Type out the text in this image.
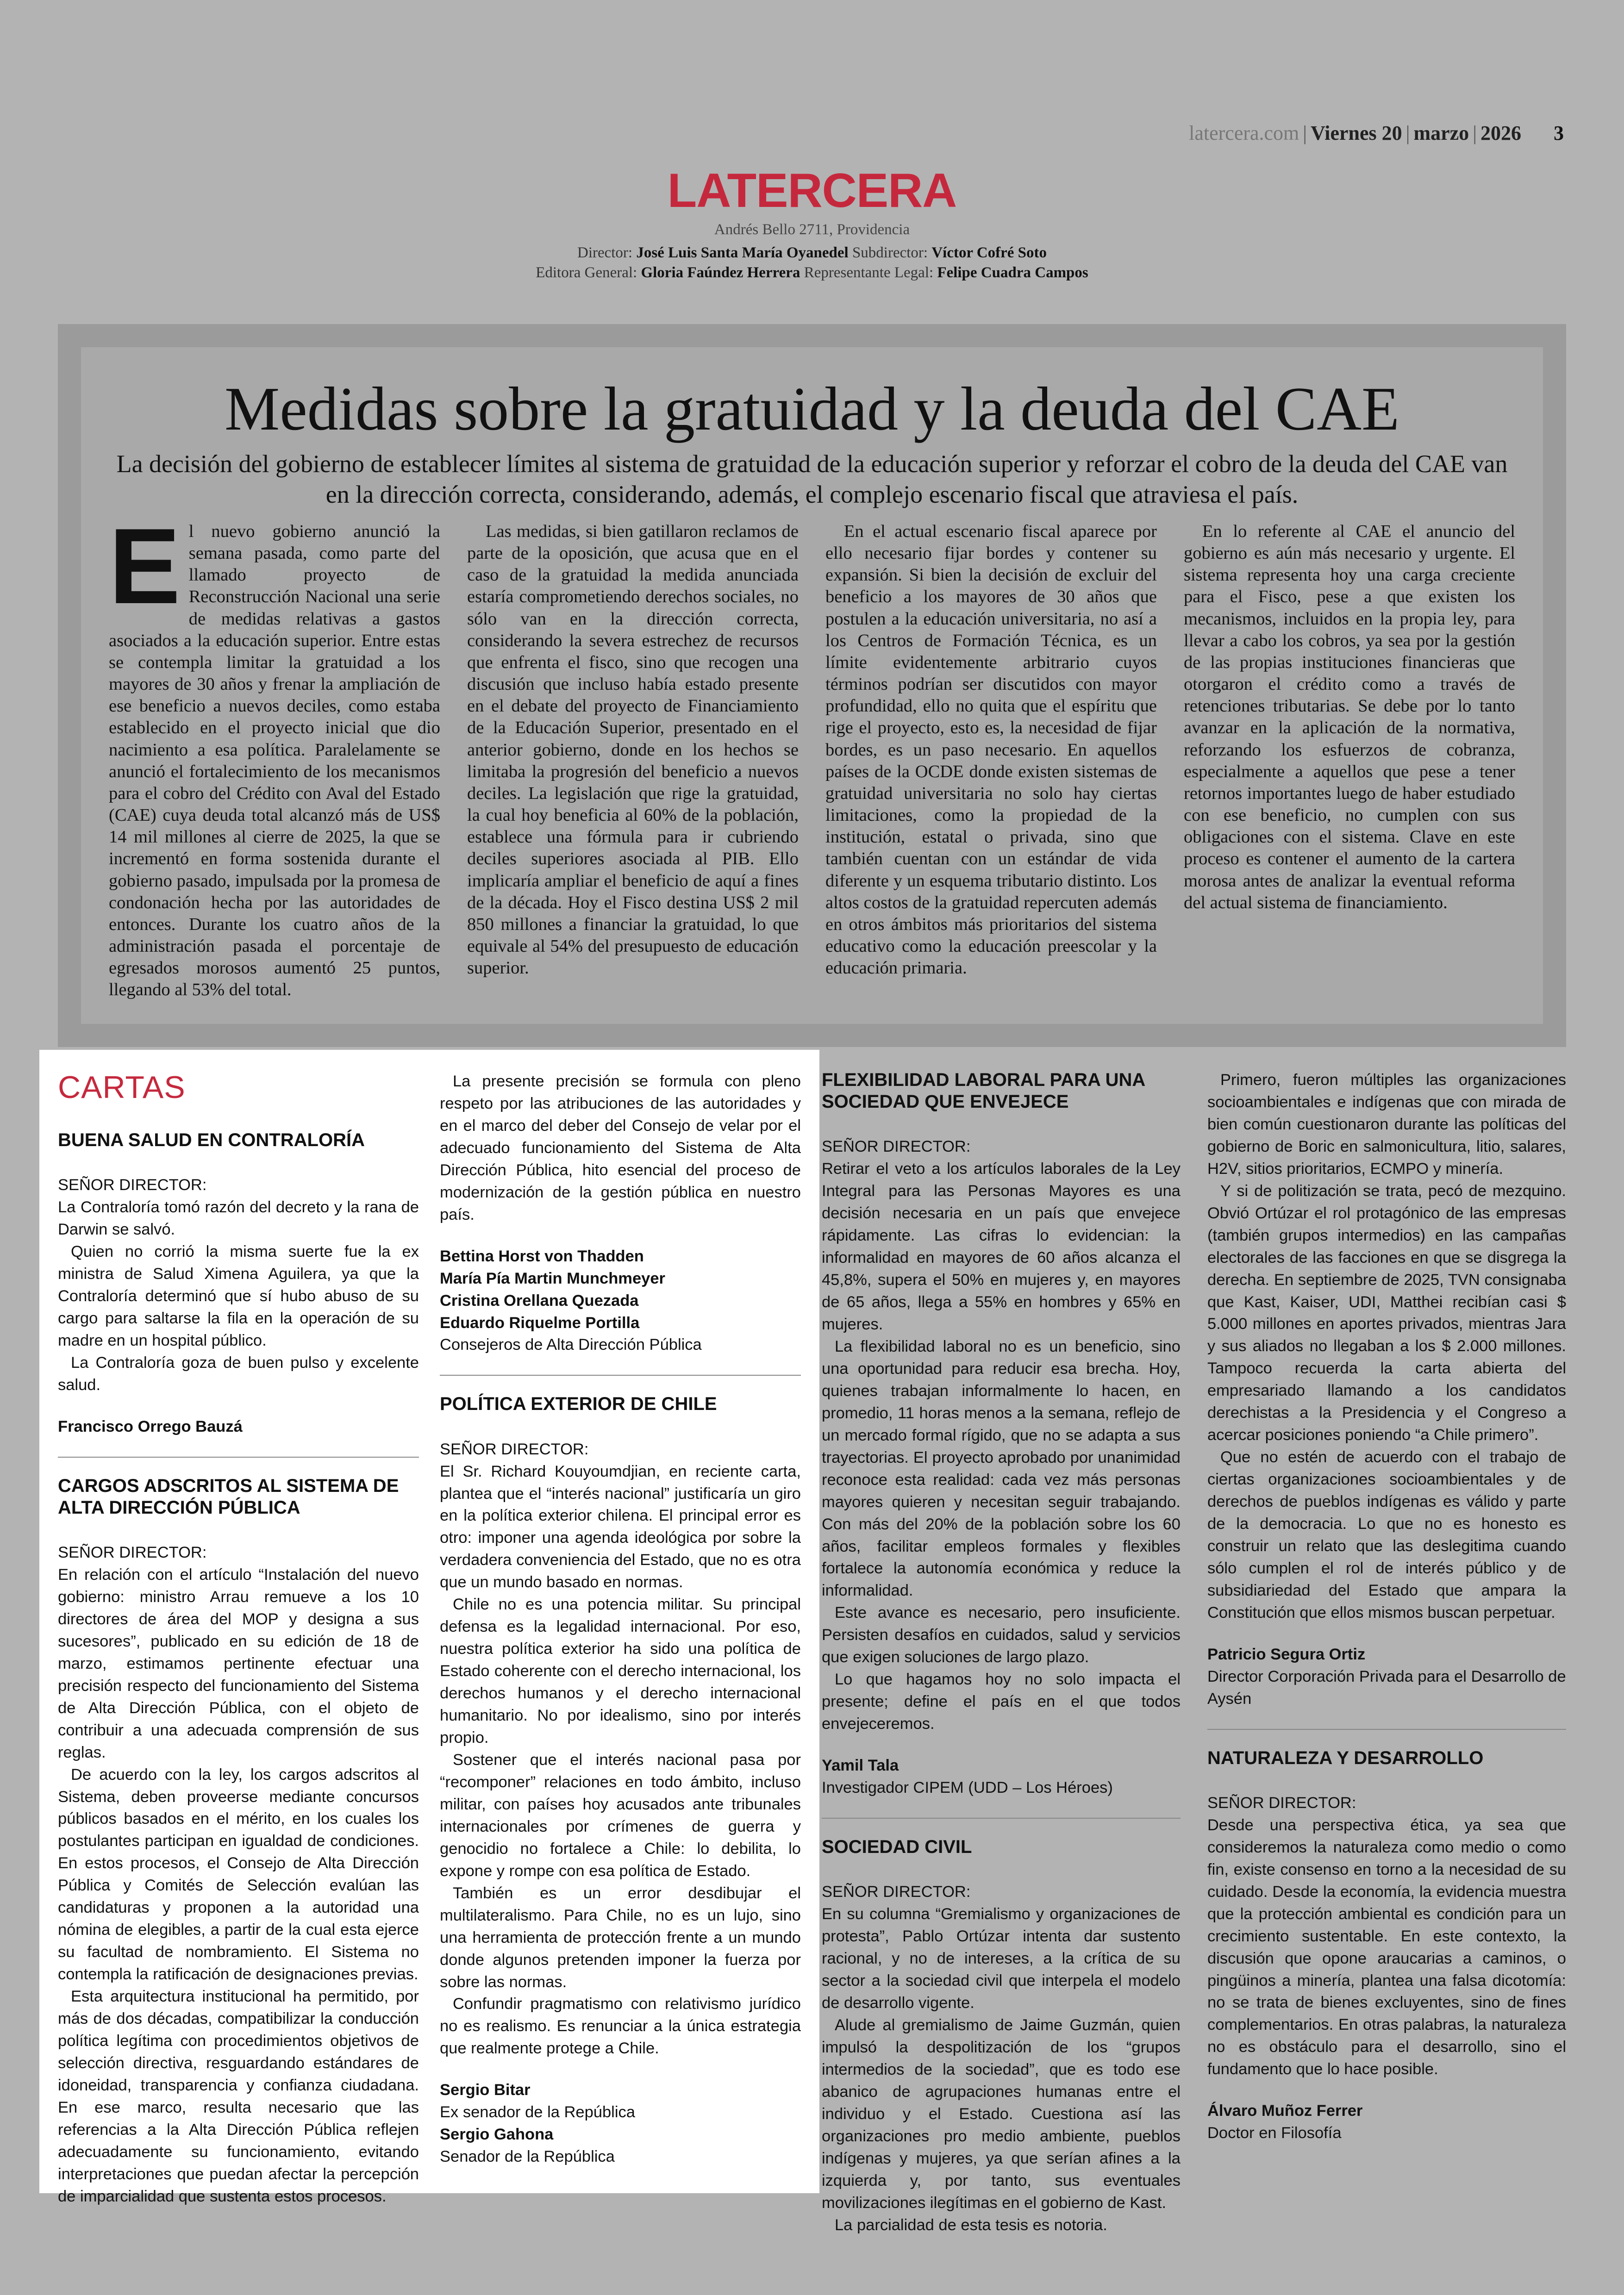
latercera.com | Viernes 20 | marzo | 2026 3
LATERCERA
Andrés Bello 2711, Providencia
Director: José Luis Santa María Oyanedel Subdirector: Víctor Cofré Soto
Editora General: Gloria Faúndez Herrera Representante Legal: Felipe Cuadra Campos
Medidas sobre la gratuidad y la deuda del CAE
La decisión del gobierno de establecer límites al sistema de gratuidad de la educación superior y reforzar el cobro de la deuda del CAE van en la dirección correcta, considerando, además, el complejo escenario fiscal que atraviesa el país.

El nuevo gobierno anunció la semana pasada, como parte del llamado proyecto de Reconstrucción Nacional una serie de medidas relativas a gastos asociados a la educación superior. Entre estas se contempla limitar la gratuidad a los mayores de 30 años y frenar la ampliación de ese beneficio a nuevos deciles, como estaba establecido en el proyecto inicial que dio nacimiento a esa política. Paralelamente se anunció el fortalecimiento de los mecanismos para el cobro del Crédito con Aval del Estado (CAE) cuya deuda total alcanzó más de US$ 14 mil millones al cierre de 2025, la que se incrementó en forma sostenida durante el gobierno pasado, impulsada por la promesa de condonación hecha por las autoridades de entonces. Durante los cuatro años de la administración pasada el porcentaje de egresados morosos aumentó 25 puntos, llegando al 53% del total.

Las medidas, si bien gatillaron reclamos de parte de la oposición, que acusa que en el caso de la gratuidad la medida anunciada estaría comprometiendo derechos sociales, no sólo van en la dirección correcta, considerando la severa estrechez de recursos que enfrenta el fisco, sino que recogen una discusión que incluso había estado presente en el debate del proyecto de Financiamiento de la Educación Superior, presentado en el anterior gobierno, donde en los hechos se limitaba la progresión del beneficio a nuevos deciles. La legislación que rige la gratuidad, la cual hoy beneficia al 60% de la población, establece una fórmula para ir cubriendo deciles superiores asociada al PIB. Ello implicaría ampliar el beneficio de aquí a fines de la década. Hoy el Fisco destina US$ 2 mil 850 millones a financiar la gratuidad, lo que equivale al 54% del presupuesto de educación superior.

En el actual escenario fiscal aparece por ello necesario fijar bordes y contener su expansión. Si bien la decisión de excluir del beneficio a los mayores de 30 años que postulen a la educación universitaria, no así a los Centros de Formación Técnica, es un límite evidentemente arbitrario cuyos términos podrían ser discutidos con mayor profundidad, ello no quita que el espíritu que rige el proyecto, esto es, la necesidad de fijar bordes, es un paso necesario. En aquellos países de la OCDE donde existen sistemas de gratuidad universitaria no solo hay ciertas limitaciones, como la propiedad de la institución, estatal o privada, sino que también cuentan con un estándar de vida diferente y un esquema tributario distinto. Los altos costos de la gratuidad repercuten además en otros ámbitos más prioritarios del sistema educativo como la educación preescolar y la educación primaria.

En lo referente al CAE el anuncio del gobierno es aún más necesario y urgente. El sistema representa hoy una carga creciente para el Fisco, pese a que existen los mecanismos, incluidos en la propia ley, para llevar a cabo los cobros, ya sea por la gestión de las propias instituciones financieras que otorgaron el crédito como a través de retenciones tributarias. Se debe por lo tanto avanzar en la aplicación de la normativa, reforzando los esfuerzos de cobranza, especialmente a aquellos que pese a tener retornos importantes luego de haber estudiado con ese beneficio, no cumplen con sus obligaciones con el sistema. Clave en este proceso es contener el aumento de la cartera morosa antes de analizar la eventual reforma del actual sistema de financiamiento.

CARTAS
BUENA SALUD EN CONTRALORÍA
SEÑOR DIRECTOR:

La Contraloría tomó razón del decreto y la rana de Darwin se salvó.

Quien no corrió la misma suerte fue la ex ministra de Salud Ximena Aguilera, ya que la Contraloría determinó que sí hubo abuso de su cargo para saltarse la fila en la operación de su madre en un hospital público.

La Contraloría goza de buen pulso y excelente salud.

Francisco Orrego Bauzá
CARGOS ADSCRITOS AL SISTEMA DE ALTA DIRECCIÓN PÚBLICA
SEÑOR DIRECTOR:

En relación con el artículo “Instalación del nuevo gobierno: ministro Arrau remueve a los 10 directores de área del MOP y designa a sus sucesores”, publicado en su edición de 18 de marzo, estimamos pertinente efectuar una precisión respecto del funcionamiento del Sistema de Alta Dirección Pública, con el objeto de contribuir a una adecuada comprensión de sus reglas.

De acuerdo con la ley, los cargos adscritos al Sistema, deben proveerse mediante concursos públicos basados en el mérito, en los cuales los postulantes participan en igualdad de condiciones. En estos procesos, el Consejo de Alta Dirección Pública y Comités de Selección evalúan las candidaturas y proponen a la autoridad una nómina de elegibles, a partir de la cual esta ejerce su facultad de nombramiento. El Sistema no contempla la ratificación de designaciones previas.

Esta arquitectura institucional ha permitido, por más de dos décadas, compatibilizar la conducción política legítima con procedimientos objetivos de selección directiva, resguardando estándares de idoneidad, transparencia y confianza ciudadana. En ese marco, resulta necesario que las referencias a la Alta Dirección Pública reflejen adecuadamente su funcionamiento, evitando interpretaciones que puedan afectar la percepción de imparcialidad que sustenta estos procesos.

La presente precisión se formula con pleno respeto por las atribuciones de las autoridades y en el marco del deber del Consejo de velar por el adecuado funcionamiento del Sistema de Alta Dirección Pública, hito esencial del proceso de modernización de la gestión pública en nuestro país.

Bettina Horst von Thadden
María Pía Martin Munchmeyer
Cristina Orellana Quezada
Eduardo Riquelme Portilla
Consejeros de Alta Dirección Pública
POLÍTICA EXTERIOR DE CHILE
SEÑOR DIRECTOR:

El Sr. Richard Kouyoumdjian, en reciente carta, plantea que el “interés nacional” justificaría un giro en la política exterior chilena. El principal error es otro: imponer una agenda ideológica por sobre la verdadera conveniencia del Estado, que no es otra que un mundo basado en normas.

Chile no es una potencia militar. Su principal defensa es la legalidad internacional. Por eso, nuestra política exterior ha sido una política de Estado coherente con el derecho internacional, los derechos humanos y el derecho internacional humanitario. No por idealismo, sino por interés propio.

Sostener que el interés nacional pasa por “recomponer” relaciones en todo ámbito, incluso militar, con países hoy acusados ante tribunales internacionales por crímenes de guerra y genocidio no fortalece a Chile: lo debilita, lo expone y rompe con esa política de Estado.

También es un error desdibujar el multilateralismo. Para Chile, no es un lujo, sino una herramienta de protección frente a un mundo donde algunos pretenden imponer la fuerza por sobre las normas.

Confundir pragmatismo con relativismo jurídico no es realismo. Es renunciar a la única estrategia que realmente protege a Chile.

Sergio Bitar
Ex senador de la República
Sergio Gahona
Senador de la República
FLEXIBILIDAD LABORAL PARA UNA SOCIEDAD QUE ENVEJECE
SEÑOR DIRECTOR:

Retirar el veto a los artículos laborales de la Ley Integral para las Personas Mayores es una decisión necesaria en un país que envejece rápidamente. Las cifras lo evidencian: la informalidad en mayores de 60 años alcanza el 45,8%, supera el 50% en mujeres y, en mayores de 65 años, llega a 55% en hombres y 65% en mujeres.

La flexibilidad laboral no es un beneficio, sino una oportunidad para reducir esa brecha. Hoy, quienes trabajan informalmente lo hacen, en promedio, 11 horas menos a la semana, reflejo de un mercado formal rígido, que no se adapta a sus trayectorias. El proyecto aprobado por unanimidad reconoce esta realidad: cada vez más personas mayores quieren y necesitan seguir trabajando. Con más del 20% de la población sobre los 60 años, facilitar empleos formales y flexibles fortalece la autonomía económica y reduce la informalidad.

Este avance es necesario, pero insuficiente. Persisten desafíos en cuidados, salud y servicios que exigen soluciones de largo plazo.

Lo que hagamos hoy no solo impacta el presente; define el país en el que todos envejeceremos.

Yamil Tala
Investigador CIPEM (UDD – Los Héroes)
SOCIEDAD CIVIL
SEÑOR DIRECTOR:

En su columna “Gremialismo y organizaciones de protesta”, Pablo Ortúzar intenta dar sustento racional, y no de intereses, a la crítica de su sector a la sociedad civil que interpela el modelo de desarrollo vigente.

Alude al gremialismo de Jaime Guzmán, quien impulsó la despolitización de los “grupos intermedios de la sociedad”, que es todo ese abanico de agrupaciones humanas entre el individuo y el Estado. Cuestiona así las organizaciones pro medio ambiente, pueblos indígenas y mujeres, ya que serían afines a la izquierda y, por tanto, sus eventuales movilizaciones ilegítimas en el gobierno de Kast.

La parcialidad de esta tesis es notoria.

Primero, fueron múltiples las organizaciones socioambientales e indígenas que con mirada de bien común cuestionaron durante las políticas del gobierno de Boric en salmonicultura, litio, salares, H2V, sitios prioritarios, ECMPO y minería.

Y si de politización se trata, pecó de mezquino. Obvió Ortúzar el rol protagónico de las empresas (también grupos intermedios) en las campañas electorales de las facciones en que se disgrega la derecha. En septiembre de 2025, TVN consignaba que Kast, Kaiser, UDI, Matthei recibían casi $ 5.000 millones en aportes privados, mientras Jara y sus aliados no llegaban a los $ 2.000 millones. Tampoco recuerda la carta abierta del empresariado llamando a los candidatos derechistas a la Presidencia y el Congreso a acercar posiciones poniendo “a Chile primero”.

Que no estén de acuerdo con el trabajo de ciertas organizaciones socioambientales y de derechos de pueblos indígenas es válido y parte de la democracia. Lo que no es honesto es construir un relato que las deslegitima cuando sólo cumplen el rol de interés público y de subsidiariedad del Estado que ampara la Constitución que ellos mismos buscan perpetuar.

Patricio Segura Ortiz
Director Corporación Privada para el Desarrollo de Aysén
NATURALEZA Y DESARROLLO
SEÑOR DIRECTOR:

Desde una perspectiva ética, ya sea que consideremos la naturaleza como medio o como fin, existe consenso en torno a la necesidad de su cuidado. Desde la economía, la evidencia muestra que la protección ambiental es condición para un crecimiento sustentable. En este contexto, la discusión que opone araucarias a caminos, o pingüinos a minería, plantea una falsa dicotomía: no se trata de bienes excluyentes, sino de fines complementarios. En otras palabras, la naturaleza no es obstáculo para el desarrollo, sino el fundamento que lo hace posible.

Álvaro Muñoz Ferrer
Doctor en Filosofía
